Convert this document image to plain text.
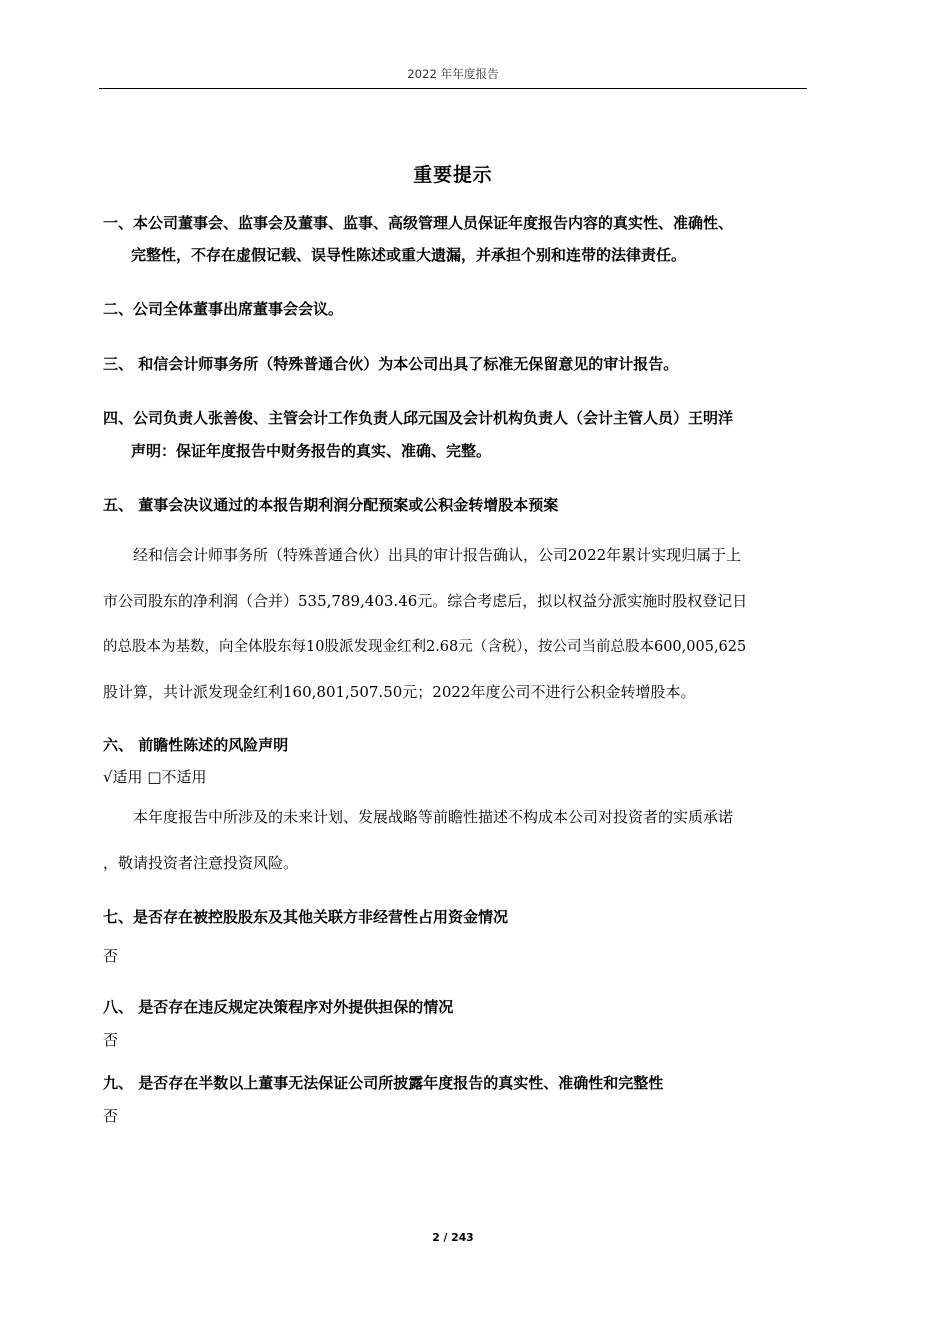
2022 年年度报告
重要提示
一、本公司董事会、监事会及董事、监事、高级管理人员保证年度报告内容的真实性、准确性、
完整性，不存在虚假记载、误导性陈述或重大遗漏，并承担个别和连带的法律责任。
二、公司全体董事出席董事会会议。
三、 和信会计师事务所（特殊普通合伙）为本公司出具了标准无保留意见的审计报告。
四、公司负责人张善俊、主管会计工作负责人邱元国及会计机构负责人（会计主管人员）王明洋
声明：保证年度报告中财务报告的真实、准确、完整。
五、 董事会决议通过的本报告期利润分配预案或公积金转增股本预案
经和信会计师事务所（特殊普通合伙）出具的审计报告确认，公司2022年累计实现归属于上
市公司股东的净利润（合并）535,789,403.46元。综合考虑后，拟以权益分派实施时股权登记日
的总股本为基数，向全体股东每10股派发现金红利2.68元（含税），按公司当前总股本600,005,625
股计算，共计派发现金红利160,801,507.50元；2022年度公司不进行公积金转增股本。
六、 前瞻性陈述的风险声明
√适用 □不适用
本年度报告中所涉及的未来计划、发展战略等前瞻性描述不构成本公司对投资者的实质承诺
，敬请投资者注意投资风险。
七、是否存在被控股股东及其他关联方非经营性占用资金情况
否
八、 是否存在违反规定决策程序对外提供担保的情况
否
九、 是否存在半数以上董事无法保证公司所披露年度报告的真实性、准确性和完整性
否
2 / 243
